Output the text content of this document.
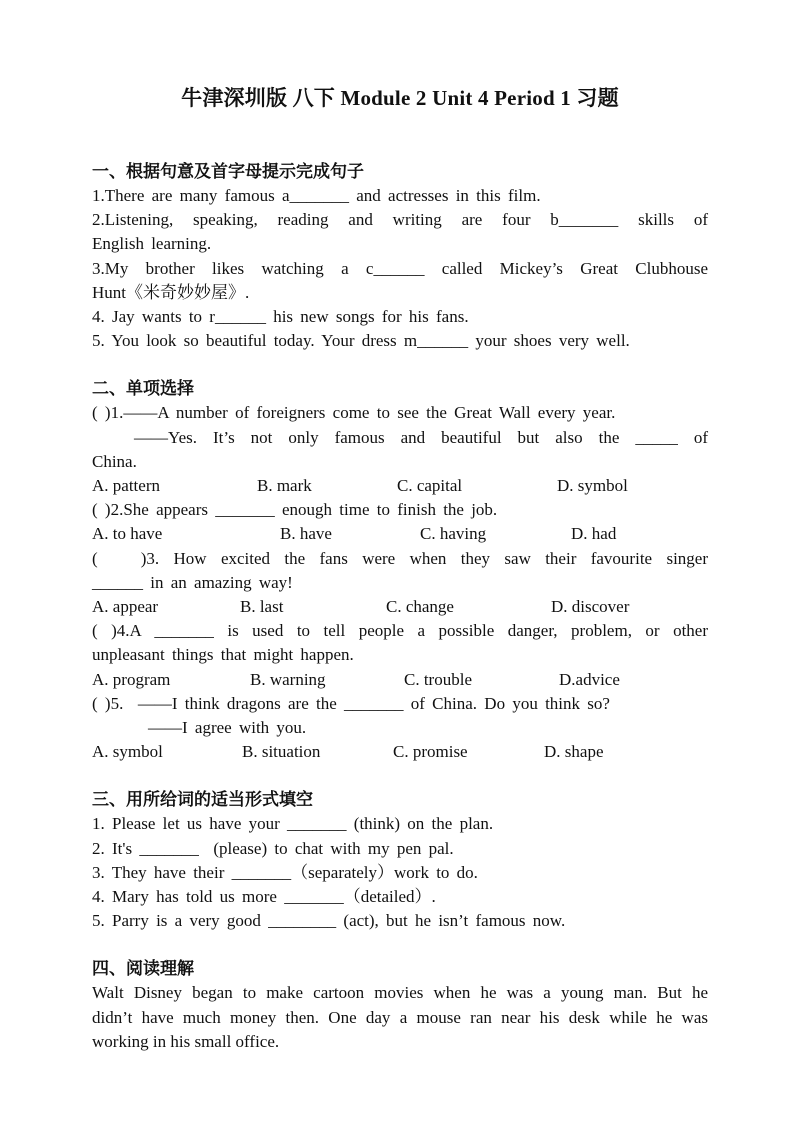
牛津深圳版 八下 Module 2 Unit 4 Period 1 习题

一、根据句意及首字母提示完成句子

1.There are many famous a_______ and actresses in this film.

2.Listening, speaking, reading and writing are four b_______ skills of

English learning.

3.My brother likes watching a c______ called Mickey’s Great Clubhouse

Hunt《米奇妙妙屋》.

4. Jay wants to r______ his new songs for his fans.

5. You look so beautiful today. Your dress m______ your shoes very well.

二、单项选择

( )1.——A number of foreigners come to see the Great Wall every year.

——Yes. It’s not only famous and beautiful but also the _____ of

China.

A. pattern	B. mark	C. capital	D. symbol

( )2.She appears _______ enough time to finish the job.

A. to have	B. have	C. having	D. had

(   )3. How excited the fans were when they saw their favourite singer

______ in an amazing way!

A. appear	B. last	C. change	D. discover

( )4.A _______ is used to tell people a possible danger, problem, or other

unpleasant things that might happen.

A. program	B. warning	C. trouble	D.advice

( )5.  ——I think dragons are the _______ of China. Do you think so?

——I agree with you.

A. symbol	B. situation	C. promise	D. shape

三、用所给词的适当形式填空

1. Please let us have your _______ (think) on the plan.

2. It's _______  (please) to chat with my pen pal.

3. They have their _______（separately）work to do.

4. Mary has told us more _______（detailed）.

5. Parry is a very good ________ (act), but he isn’t famous now.

四、阅读理解

Walt Disney began to make cartoon movies when he was a young man. But he

didn’t have much money then. One day a mouse ran near his desk while he was

working in his small office.
